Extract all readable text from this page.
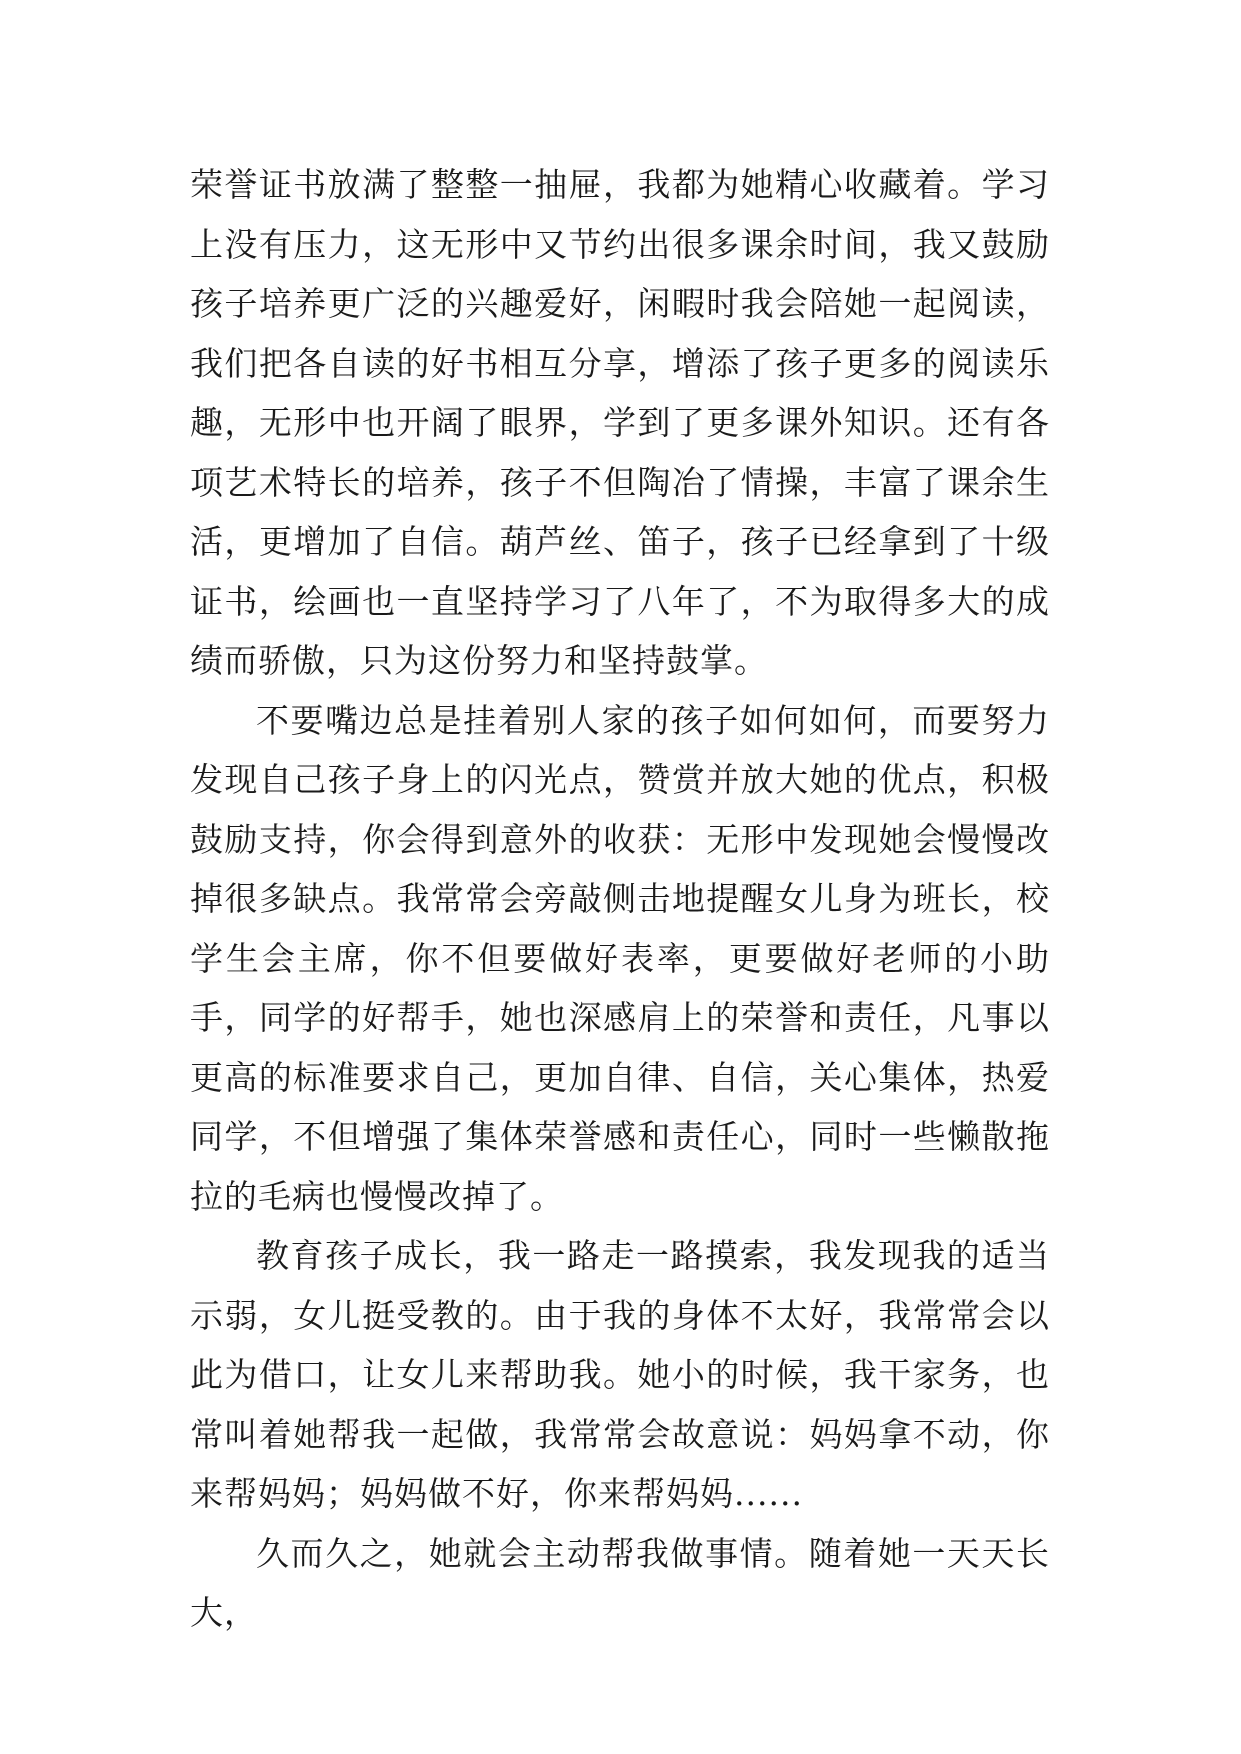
荣誉证书放满了整整一抽屉，我都为她精心收藏着。学习上没有压力，这无形中又节约出很多课余时间，我又鼓励孩子培养更广泛的兴趣爱好，闲暇时我会陪她一起阅读，我们把各自读的好书相互分享，增添了孩子更多的阅读乐趣，无形中也开阔了眼界，学到了更多课外知识。还有各项艺术特长的培养，孩子不但陶冶了情操，丰富了课余生活，更增加了自信。葫芦丝、笛子，孩子已经拿到了十级证书，绘画也一直坚持学习了八年了，不为取得多大的成绩而骄傲，只为这份努力和坚持鼓掌。

不要嘴边总是挂着别人家的孩子如何如何，而要努力发现自己孩子身上的闪光点，赞赏并放大她的优点，积极鼓励支持，你会得到意外的收获：无形中发现她会慢慢改掉很多缺点。我常常会旁敲侧击地提醒女儿身为班长，校学生会主席，你不但要做好表率，更要做好老师的小助手，同学的好帮手，她也深感肩上的荣誉和责任，凡事以更高的标准要求自己，更加自律、自信，关心集体，热爱同学，不但增强了集体荣誉感和责任心，同时一些懒散拖拉的毛病也慢慢改掉了。

教育孩子成长，我一路走一路摸索，我发现我的适当示弱，女儿挺受教的。由于我的身体不太好，我常常会以此为借口，让女儿来帮助我。她小的时候，我干家务，也常叫着她帮我一起做，我常常会故意说：妈妈拿不动，你来帮妈妈；妈妈做不好，你来帮妈妈......

久而久之，她就会主动帮我做事情。随着她一天天长大，
